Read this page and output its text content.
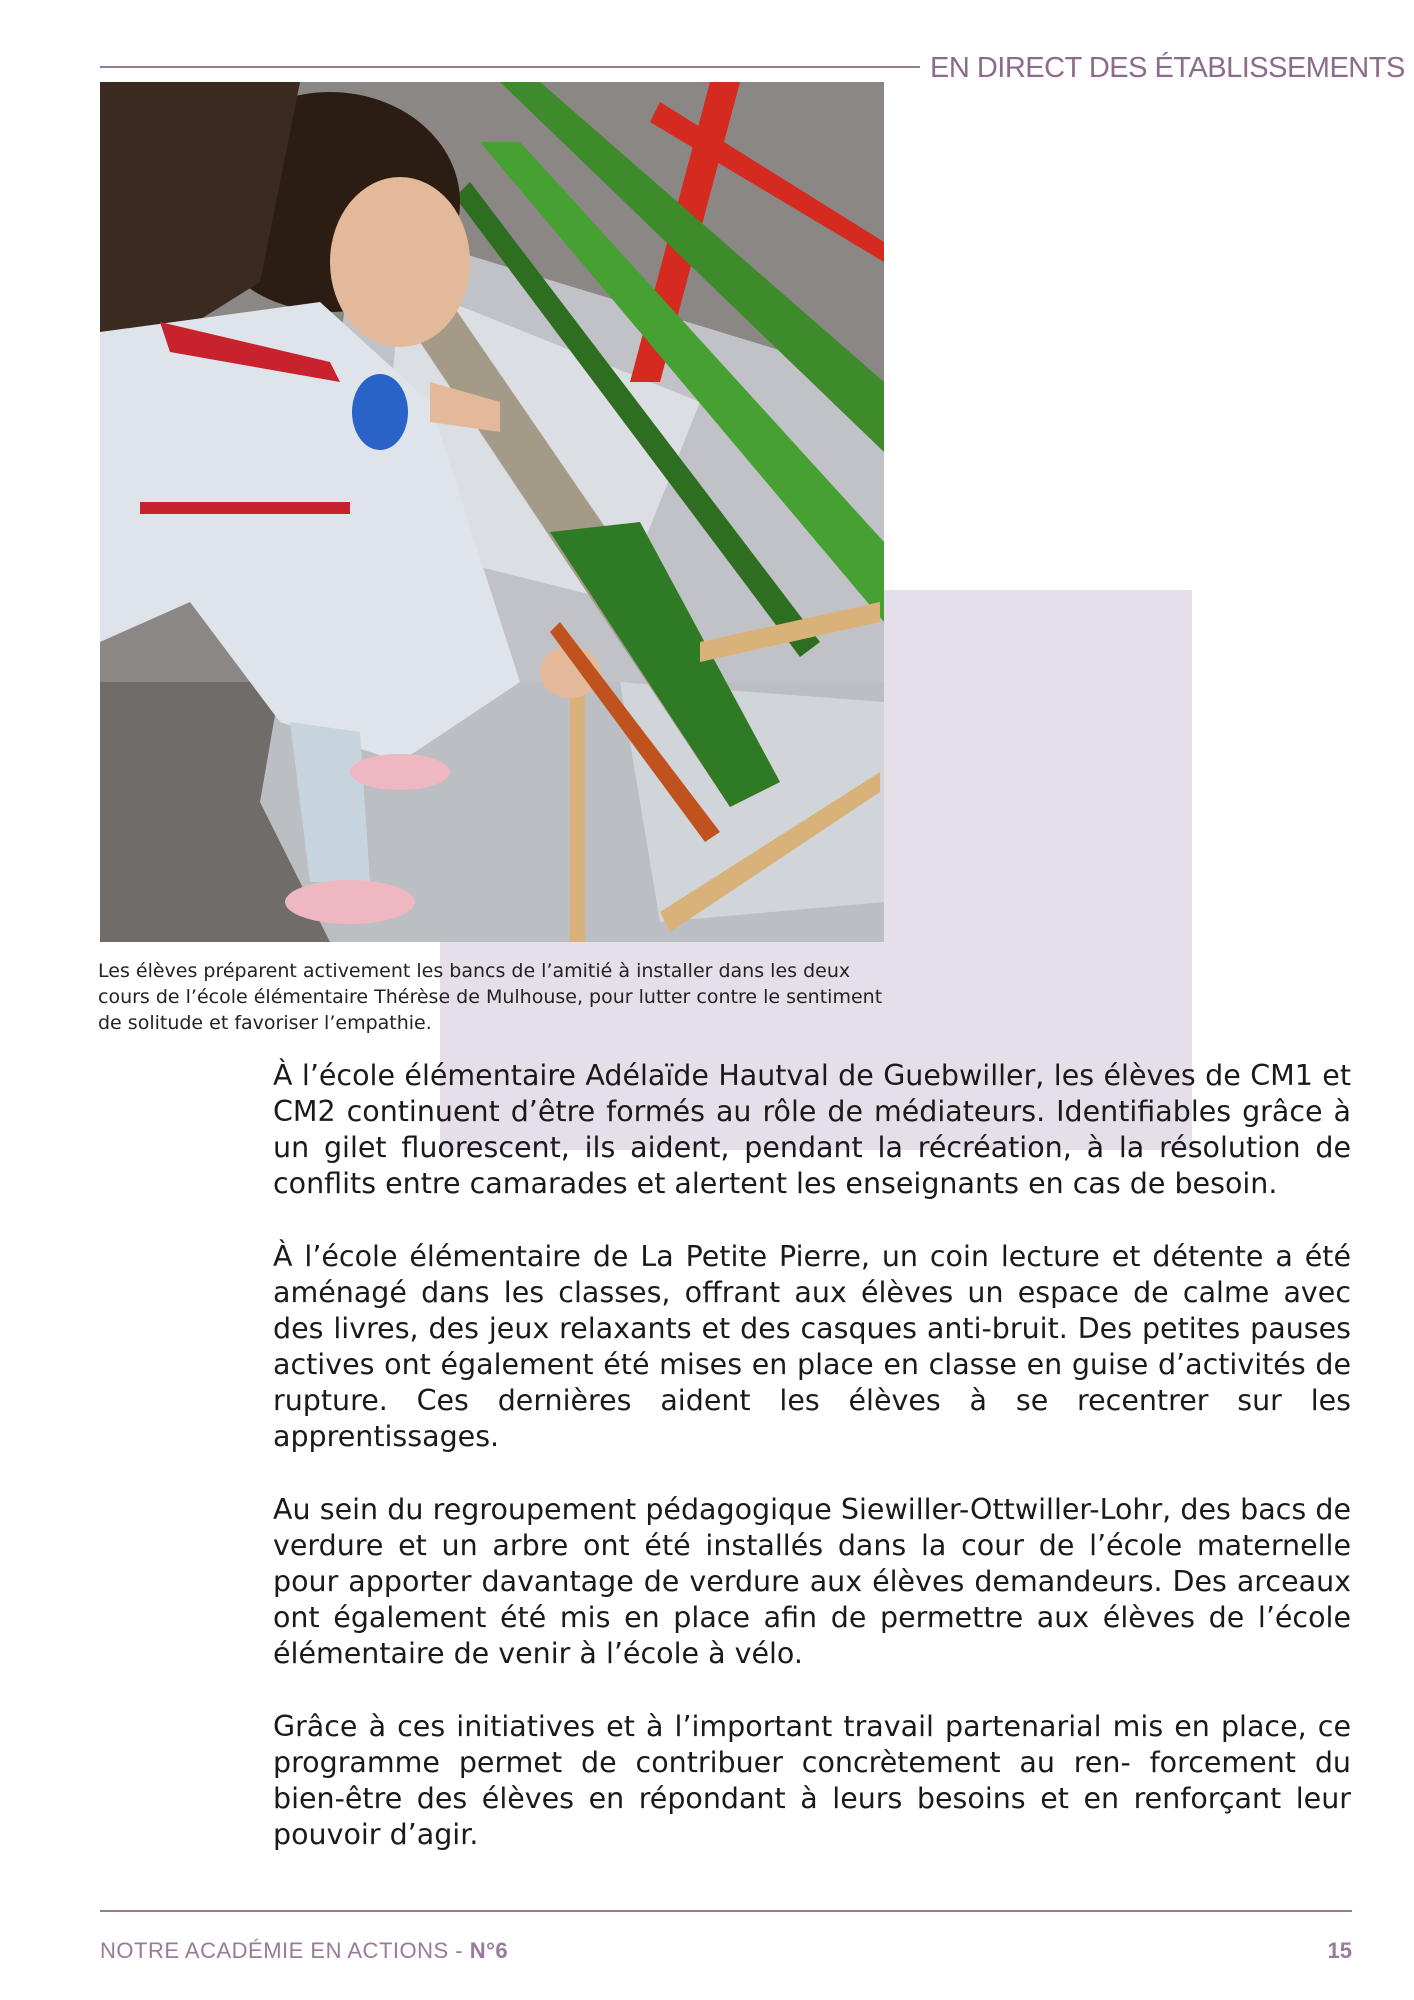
EN DIRECT DES ÉTABLISSEMENTS
Les élèves préparent activement les bancs de l’amitié à installer dans les deux cours de l’école élémentaire Thérèse de Mulhouse, pour lutter contre le sentiment de solitude et favoriser l’empathie.

À l’école élémentaire Adélaïde Hautval de Guebwiller, les élèves de CM1 et CM2 continuent d’être formés au rôle de médiateurs. Identifiables grâce à un gilet fluorescent, ils aident, pendant la récréation, à la résolution de conflits entre camarades et alertent les enseignants en cas de besoin.

À l’école élémentaire de La Petite Pierre, un coin lecture et détente a été aménagé dans les classes, offrant aux élèves un espace de calme avec des livres, des jeux relaxants et des casques anti-bruit. Des petites pauses actives ont également été mises en place en classe en guise d’activités de rupture. Ces dernières aident les élèves à se recentrer sur les apprentissages.

Au sein du regroupement pédagogique Siewiller-Ottwiller-Lohr, des bacs de verdure et un arbre ont été installés dans la cour de l’école maternelle pour apporter davantage de verdure aux élèves demandeurs. Des arceaux ont également été mis en place afin de permettre aux élèves de l’école élémentaire de venir à l’école à vélo.

Grâce à ces initiatives et à l’important travail partenarial mis en place, ce programme permet de contribuer concrètement au ren- forcement du bien-être des élèves en répondant à leurs besoins et en renforçant leur pouvoir d’agir.

NOTRE ACADÉMIE EN ACTIONS - N°6	15
